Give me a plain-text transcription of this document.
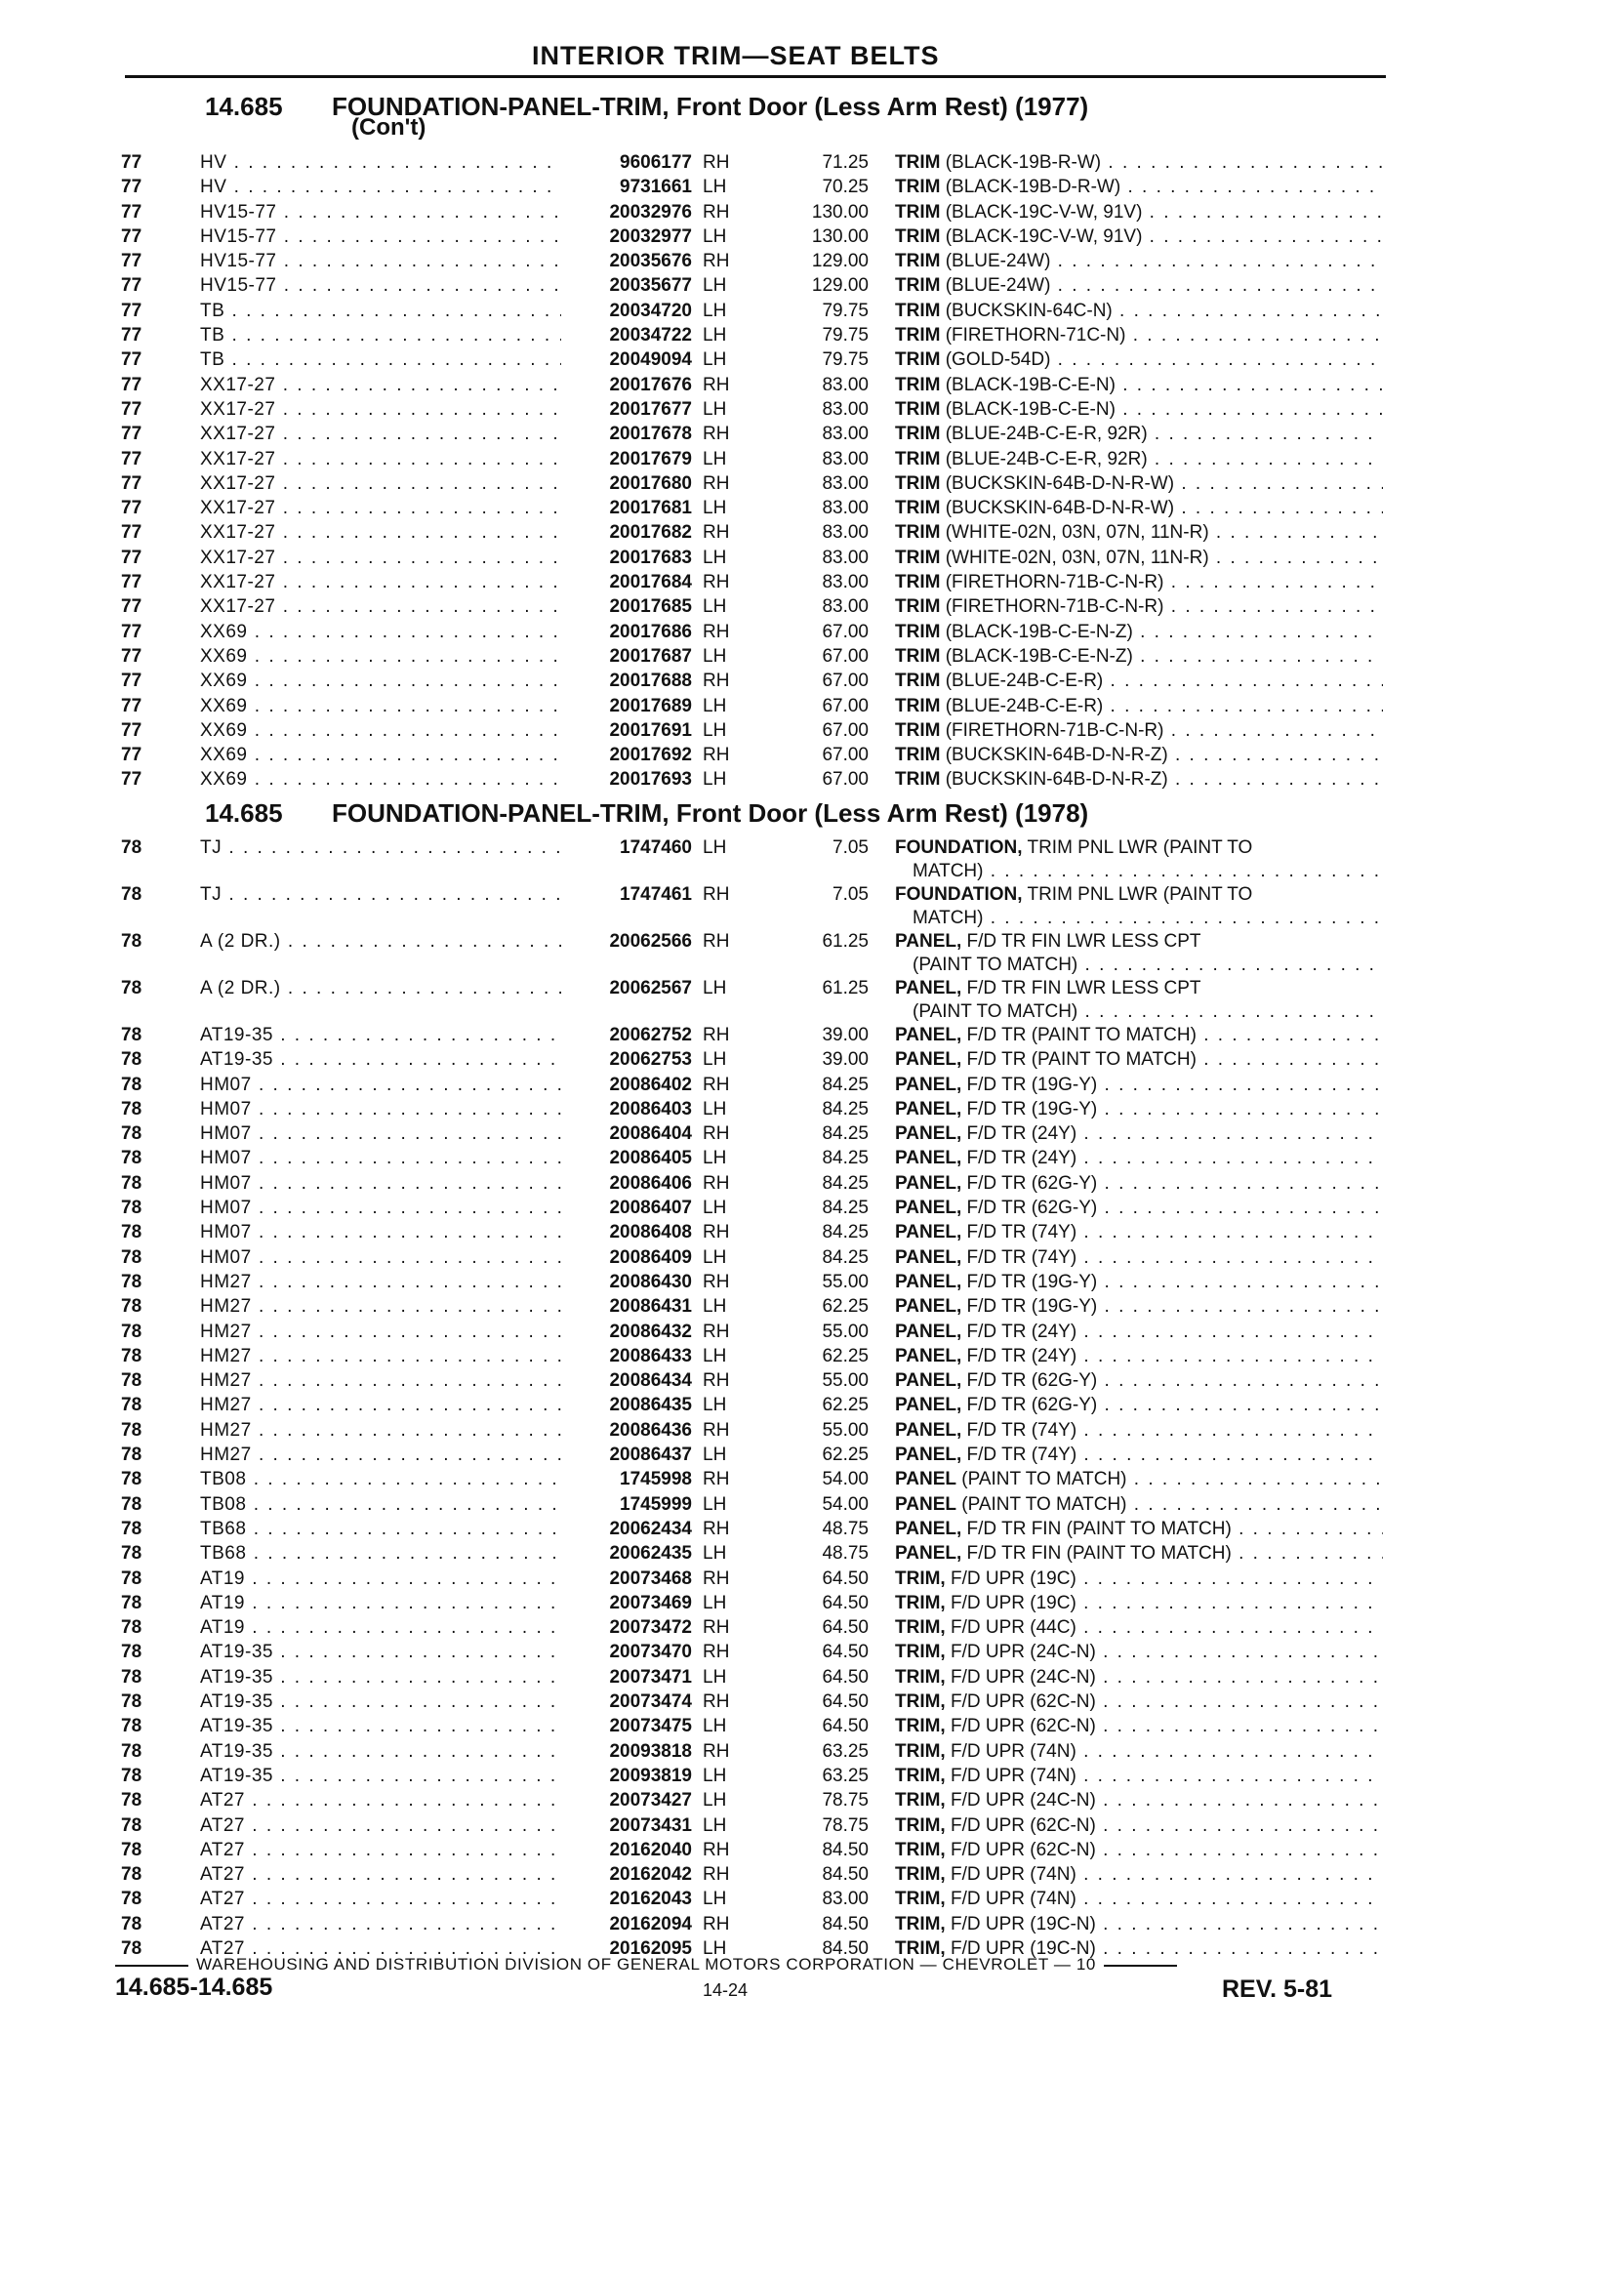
INTERIOR TRIM—SEAT BELTS
14.685 FOUNDATION-PANEL-TRIM, Front Door (Less Arm Rest) (1977)
(Con't)
77	HV . . .	9606177 RH	71.25 TRIM (BLACK-19B-R-W) . . .
77	HV . . .	9731661 LH	70.25 TRIM (BLACK-19B-D-R-W) . . .
77	HV15-77 . . .	20032976 RH	130.00 TRIM (BLACK-19C-V-W, 91V) . . .
77	HV15-77 . . .	20032977 LH	130.00 TRIM (BLACK-19C-V-W, 91V) . . .
77	HV15-77 . . .	20035676 RH	129.00 TRIM (BLUE-24W) . . .
77	HV15-77 . . .	20035677 LH	129.00 TRIM (BLUE-24W) . . .
77	TB . . .	20034720 LH	79.75 TRIM (BUCKSKIN-64C-N) . . .
77	TB . . .	20034722 LH	79.75 TRIM (FIRETHORN-71C-N) . . .
77	TB . . .	20049094 LH	79.75 TRIM (GOLD-54D) . . .
77	XX17-27 . . .	20017676 RH	83.00 TRIM (BLACK-19B-C-E-N) . . .
77	XX17-27 . . .	20017677 LH	83.00 TRIM (BLACK-19B-C-E-N) . . .
77	XX17-27 . . .	20017678 RH	83.00 TRIM (BLUE-24B-C-E-R, 92R) . . .
77	XX17-27 . . .	20017679 LH	83.00 TRIM (BLUE-24B-C-E-R, 92R) . . .
77	XX17-27 . . .	20017680 RH	83.00 TRIM (BUCKSKIN-64B-D-N-R-W) . . .
77	XX17-27 . . .	20017681 LH	83.00 TRIM (BUCKSKIN-64B-D-N-R-W) . . .
77	XX17-27 . . .	20017682 RH	83.00 TRIM (WHITE-02N, 03N, 07N, 11N-R) . . .
77	XX17-27 . . .	20017683 LH	83.00 TRIM (WHITE-02N, 03N, 07N, 11N-R) . . .
77	XX17-27 . . .	20017684 RH	83.00 TRIM (FIRETHORN-71B-C-N-R) . . .
77	XX17-27 . . .	20017685 LH	83.00 TRIM (FIRETHORN-71B-C-N-R) . . .
77	XX69 . . .	20017686 RH	67.00 TRIM (BLACK-19B-C-E-N-Z) . . .
77	XX69 . . .	20017687 LH	67.00 TRIM (BLACK-19B-C-E-N-Z) . . .
77	XX69 . . .	20017688 RH	67.00 TRIM (BLUE-24B-C-E-R) . . .
77	XX69 . . .	20017689 LH	67.00 TRIM (BLUE-24B-C-E-R) . . .
77	XX69 . . .	20017691 LH	67.00 TRIM (FIRETHORN-71B-C-N-R) . . .
77	XX69 . . .	20017692 RH	67.00 TRIM (BUCKSKIN-64B-D-N-R-Z) . . .
77	XX69 . . .	20017693 LH	67.00 TRIM (BUCKSKIN-64B-D-N-R-Z) . . .
14.685 FOUNDATION-PANEL-TRIM, Front Door (Less Arm Rest) (1978)
78	TJ . . .	1747460 LH	7.05 FOUNDATION, TRIM PNL LWR (PAINT TO
MATCH) . . .
78	TJ . . .	1747461 RH	7.05 FOUNDATION, TRIM PNL LWR (PAINT TO
MATCH) . . .
78	A (2 DR.) . . .	20062566 RH	61.25 PANEL, F/D TR FIN LWR LESS CPT
(PAINT TO MATCH) . . .
78	A (2 DR.) . . .	20062567 LH	61.25 PANEL, F/D TR FIN LWR LESS CPT
(PAINT TO MATCH) . . .
78	AT19-35 . . .	20062752 RH	39.00 PANEL, F/D TR (PAINT TO MATCH) . . .
78	AT19-35 . . .	20062753 LH	39.00 PANEL, F/D TR (PAINT TO MATCH) . . .
78	HM07 . . .	20086402 RH	84.25 PANEL, F/D TR (19G-Y) . . .
78	HM07 . . .	20086403 LH	84.25 PANEL, F/D TR (19G-Y) . . .
78	HM07 . . .	20086404 RH	84.25 PANEL, F/D TR (24Y) . . .
78	HM07 . . .	20086405 LH	84.25 PANEL, F/D TR (24Y) . . .
78	HM07 . . .	20086406 RH	84.25 PANEL, F/D TR (62G-Y) . . .
78	HM07 . . .	20086407 LH	84.25 PANEL, F/D TR (62G-Y) . . .
78	HM07 . . .	20086408 RH	84.25 PANEL, F/D TR (74Y) . . .
78	HM07 . . .	20086409 LH	84.25 PANEL, F/D TR (74Y) . . .
78	HM27 . . .	20086430 RH	55.00 PANEL, F/D TR (19G-Y) . . .
78	HM27 . . .	20086431 LH	62.25 PANEL, F/D TR (19G-Y) . . .
78	HM27 . . .	20086432 RH	55.00 PANEL, F/D TR (24Y) . . .
78	HM27 . . .	20086433 LH	62.25 PANEL, F/D TR (24Y) . . .
78	HM27 . . .	20086434 RH	55.00 PANEL, F/D TR (62G-Y) . . .
78	HM27 . . .	20086435 LH	62.25 PANEL, F/D TR (62G-Y) . . .
78	HM27 . . .	20086436 RH	55.00 PANEL, F/D TR (74Y) . . .
78	HM27 . . .	20086437 LH	62.25 PANEL, F/D TR (74Y) . . .
78	TB08 . . .	1745998 RH	54.00 PANEL (PAINT TO MATCH) . . .
78	TB08 . . .	1745999 LH	54.00 PANEL (PAINT TO MATCH) . . .
78	TB68 . . .	20062434 RH	48.75 PANEL, F/D TR FIN (PAINT TO MATCH) . . .
78	TB68 . . .	20062435 LH	48.75 PANEL, F/D TR FIN (PAINT TO MATCH) . . .
78	AT19 . . .	20073468 RH	64.50 TRIM, F/D UPR (19C) . . .
78	AT19 . . .	20073469 LH	64.50 TRIM, F/D UPR (19C) . . .
78	AT19 . . .	20073472 RH	64.50 TRIM, F/D UPR (44C) . . .
78	AT19-35 . . .	20073470 RH	64.50 TRIM, F/D UPR (24C-N) . . .
78	AT19-35 . . .	20073471 LH	64.50 TRIM, F/D UPR (24C-N) . . .
78	AT19-35 . . .	20073474 RH	64.50 TRIM, F/D UPR (62C-N) . . .
78	AT19-35 . . .	20073475 LH	64.50 TRIM, F/D UPR (62C-N) . . .
78	AT19-35 . . .	20093818 RH	63.25 TRIM, F/D UPR (74N) . . .
78	AT19-35 . . .	20093819 LH	63.25 TRIM, F/D UPR (74N) . . .
78	AT27 . . .	20073427 LH	78.75 TRIM, F/D UPR (24C-N) . . .
78	AT27 . . .	20073431 LH	78.75 TRIM, F/D UPR (62C-N) . . .
78	AT27 . . .	20162040 RH	84.50 TRIM, F/D UPR (62C-N) . . .
78	AT27 . . .	20162042 RH	84.50 TRIM, F/D UPR (74N) . . .
78	AT27 . . .	20162043 LH	83.00 TRIM, F/D UPR (74N) . . .
78	AT27 . . .	20162094 RH	84.50 TRIM, F/D UPR (19C-N) . . .
78	AT27 . . .	20162095 LH	84.50 TRIM, F/D UPR (19C-N) . . .
WAREHOUSING AND DISTRIBUTION DIVISION OF GENERAL MOTORS CORPORATION — CHEVROLET — 10
14.685-14.685	14-24	REV. 5-81
